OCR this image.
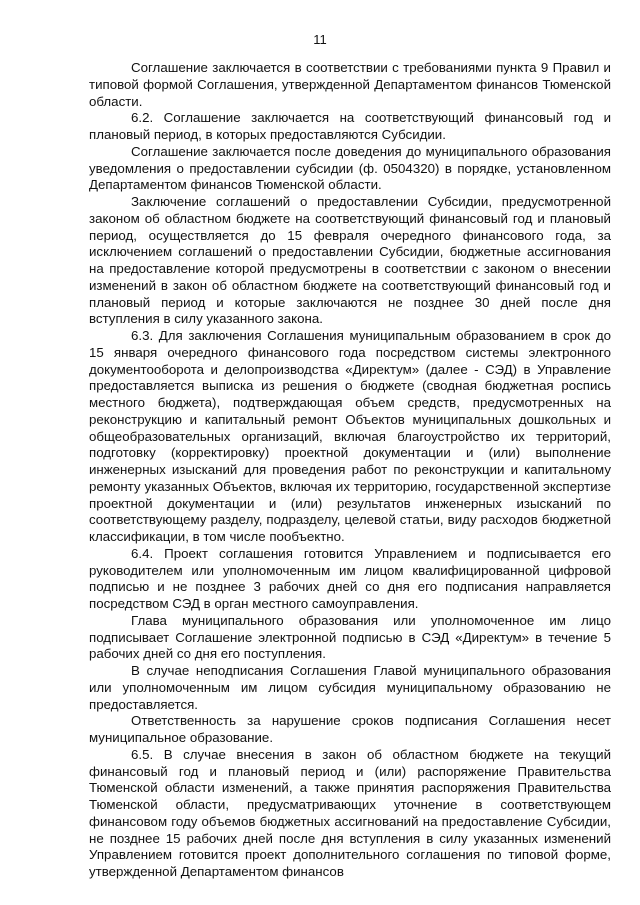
11

Соглашение заключается в соответствии с требованиями пункта 9 Правил и типовой формой Соглашения, утвержденной Департаментом финансов Тюменской области.

6.2. Соглашение заключается на соответствующий финансовый год и плановый период, в которых предоставляются Субсидии.

Соглашение заключается после доведения до муниципального образования уведомления о предоставлении субсидии (ф. 0504320) в порядке, установленном Департаментом финансов Тюменской области.

Заключение соглашений о предоставлении Субсидии, предусмотренной законом об областном бюджете на соответствующий финансовый год и плановый период, осуществляется до 15 февраля очередного финансового года, за исключением соглашений о предоставлении Субсидии, бюджетные ассигнования на предоставление которой предусмотрены в соответствии с законом о внесении изменений в закон об областном бюджете на соответствующий финансовый год и плановый период и которые заключаются не позднее 30 дней после дня вступления в силу указанного закона.

6.3. Для заключения Соглашения муниципальным образованием в срок до 15 января очередного финансового года посредством системы электронного документооборота и делопроизводства «Директум» (далее - СЭД) в Управление предоставляется выписка из решения о бюджете (сводная бюджетная роспись местного бюджета), подтверждающая объем средств, предусмотренных на реконструкцию и капитальный ремонт Объектов муниципальных дошкольных и общеобразовательных организаций, включая благоустройство их территорий, подготовку (корректировку) проектной документации и (или) выполнение инженерных изысканий для проведения работ по реконструкции и капитальному ремонту указанных Объектов, включая их территорию, государственной экспертизе проектной документации и (или) результатов инженерных изысканий по соответствующему разделу, подразделу, целевой статьи, виду расходов бюджетной классификации, в том числе пообъектно.

6.4. Проект соглашения готовится Управлением и подписывается его руководителем или уполномоченным им лицом квалифицированной цифровой подписью и не позднее 3 рабочих дней со дня его подписания направляется посредством СЭД в орган местного самоуправления.

Глава муниципального образования или уполномоченное им лицо подписывает Соглашение электронной подписью в СЭД «Директум» в течение 5 рабочих дней со дня его поступления.

В случае неподписания Соглашения Главой муниципального образования или уполномоченным им лицом субсидия муниципальному образованию не предоставляется.

Ответственность за нарушение сроков подписания Соглашения несет муниципальное образование.

6.5. В случае внесения в закон об областном бюджете на текущий финансовый год и плановый период и (или) распоряжение Правительства Тюменской области изменений, а также принятия распоряжения Правительства Тюменской области, предусматривающих уточнение в соответствующем финансовом году объемов бюджетных ассигнований на предоставление Субсидии, не позднее 15 рабочих дней после дня вступления в силу указанных изменений Управлением готовится проект дополнительного соглашения по типовой форме, утвержденной Департаментом финансов
